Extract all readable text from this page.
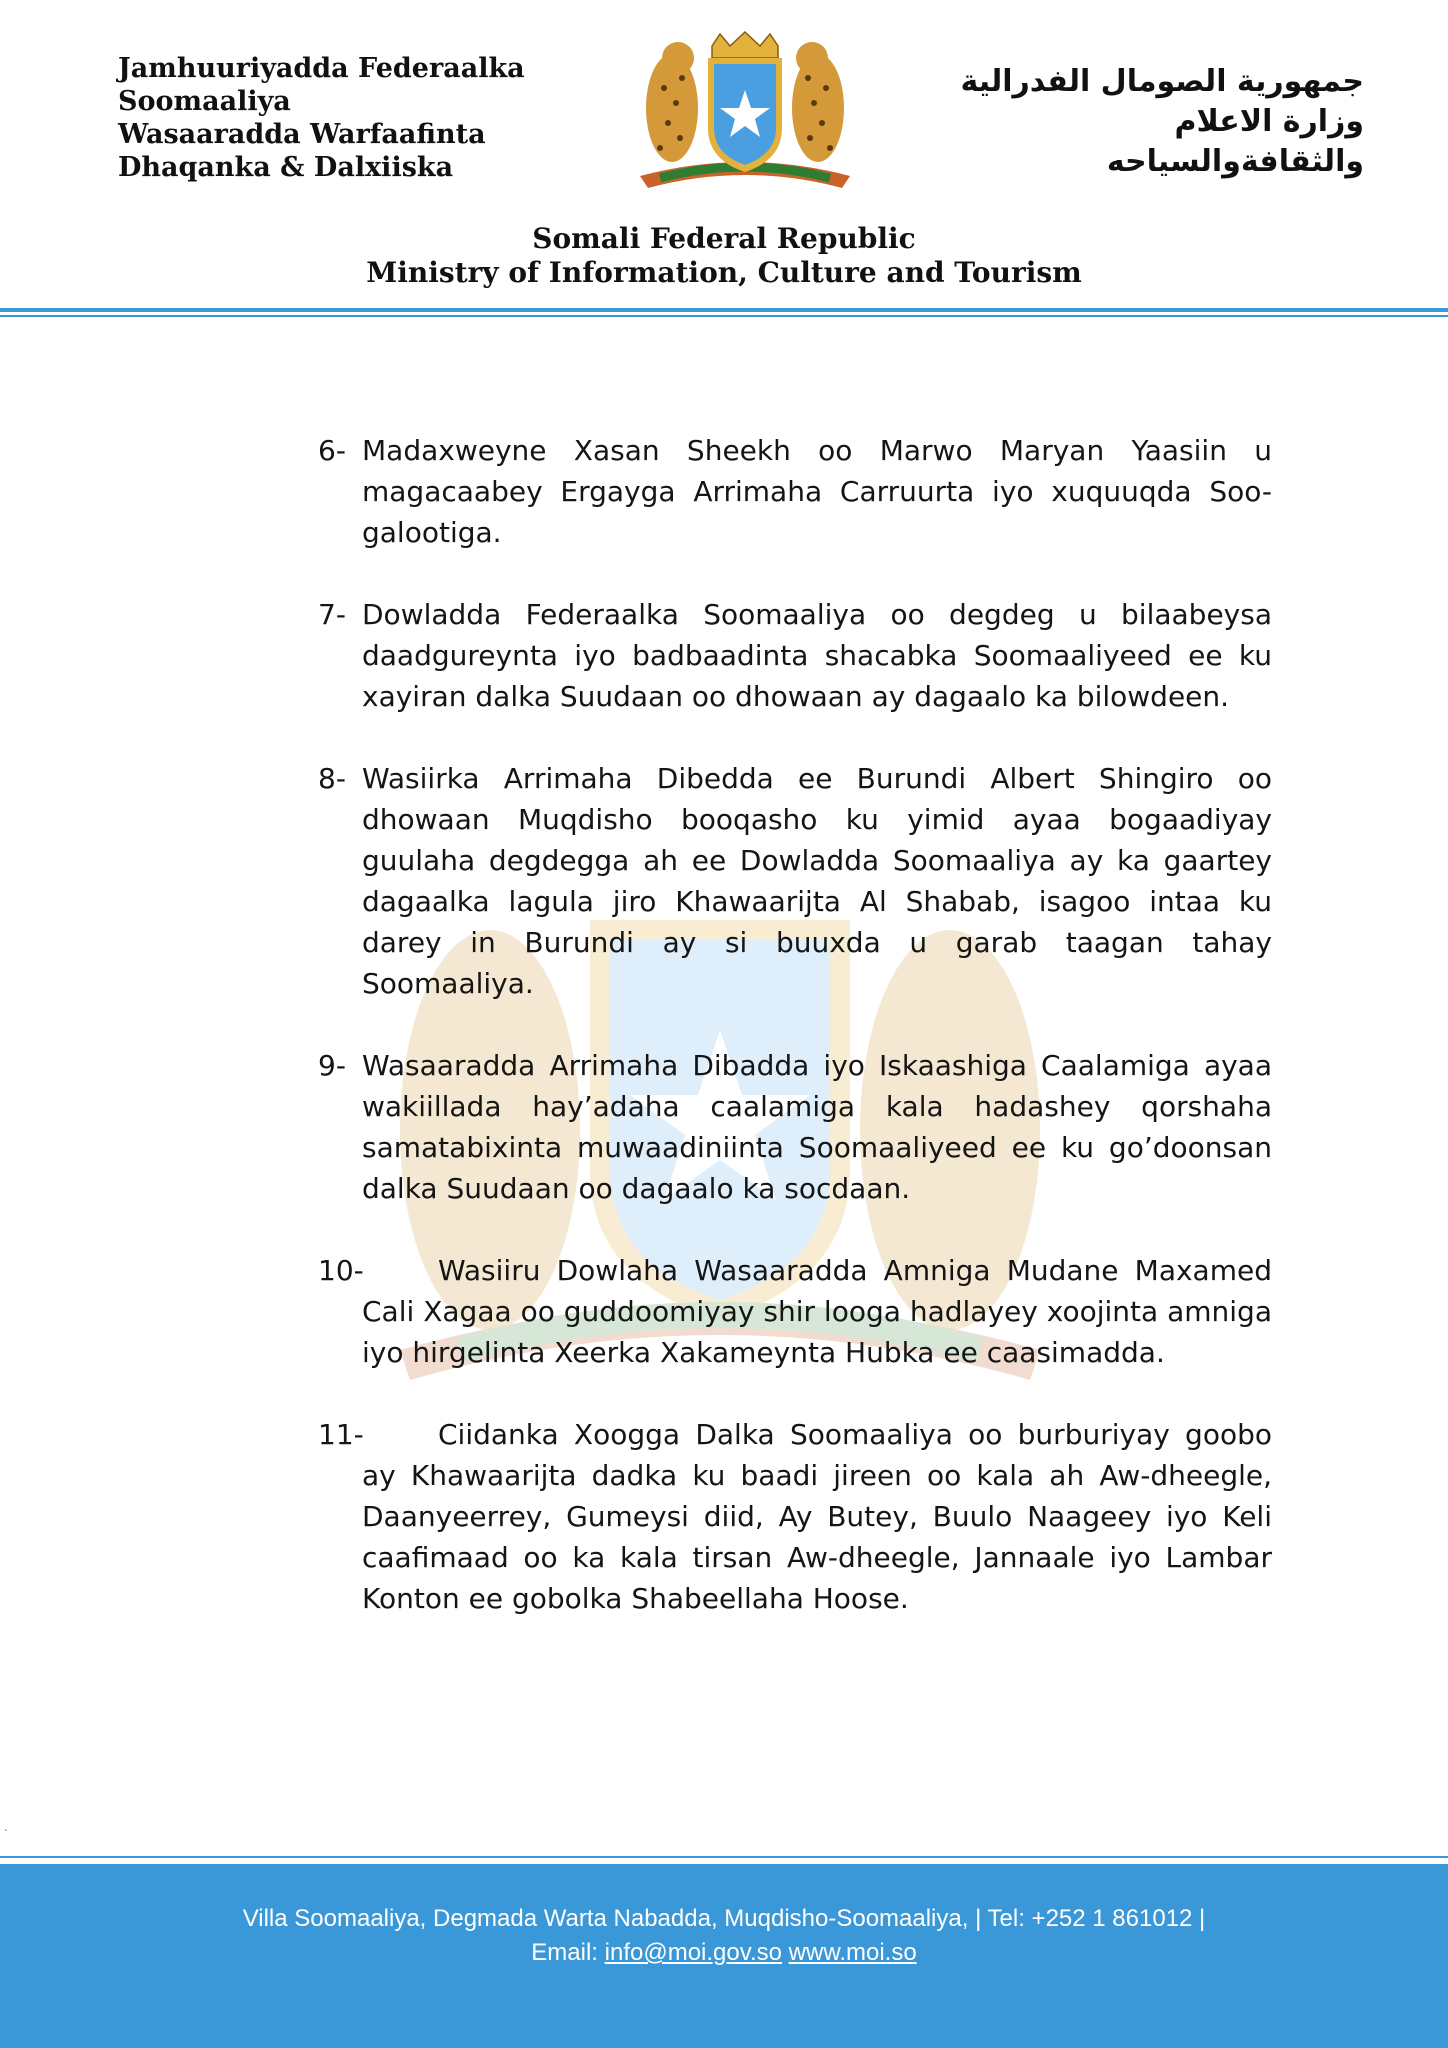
Jamhuuriyadda Federaalka
Soomaaliya
Wasaaradda Warfaafinta
Dhaqanka & Dalxiiska
جمهورية الصومال الفدرالية
وزارة الاعلام
والثقافةوالسياحه
Somali Federal Republic
Ministry of Information, Culture and Tourism
6- Madaxweyne Xasan Sheekh oo Marwo Maryan Yaasiin u magacaabey Ergayga Arrimaha Carruurta iyo xuquuqda Soo-galootiga.
7- Dowladda Federaalka Soomaaliya oo degdeg u bilaabeysa daadgureynta iyo badbaadinta shacabka Soomaaliyeed ee ku xayiran dalka Suudaan oo dhowaan ay dagaalo ka bilowdeen.
8- Wasiirka Arrimaha Dibedda ee Burundi Albert Shingiro oo dhowaan Muqdisho booqasho ku yimid ayaa bogaadiyay guulaha degdegga ah ee Dowladda Soomaaliya ay ka gaartey dagaalka lagula jiro Khawaarijta Al Shabab, isagoo intaa ku darey in Burundi ay si buuxda u garab taagan tahay Soomaaliya.
9- Wasaaradda Arrimaha Dibadda iyo Iskaashiga Caalamiga ayaa wakiillada hay’adaha caalamiga kala hadashey qorshaha samatabixinta muwaadiniinta Soomaaliyeed ee ku go’doonsan dalka Suudaan oo dagaalo ka socdaan.
10-	Wasiiru Dowlaha Wasaaradda Amniga Mudane Maxamed Cali Xagaa oo guddoomiyay shir looga hadlayey xoojinta amniga iyo hirgelinta Xeerka Xakameynta Hubka ee caasimadda.
11-	Ciidanka Xoogga Dalka Soomaaliya oo burburiyay goobo ay Khawaarijta dadka ku baadi jireen oo kala ah Aw-dheegle, Daanyeerrey, Gumeysi diid, Ay Butey, Buulo Naageey iyo Keli caafimaad oo ka kala tirsan Aw-dheegle, Jannaale iyo Lambar Konton ee gobolka Shabeellaha Hoose.
.
Villa Soomaaliya, Degmada Warta Nabadda, Muqdisho-Soomaaliya, | Tel: +252 1 861012 |
Email: info@moi.gov.so www.moi.so
